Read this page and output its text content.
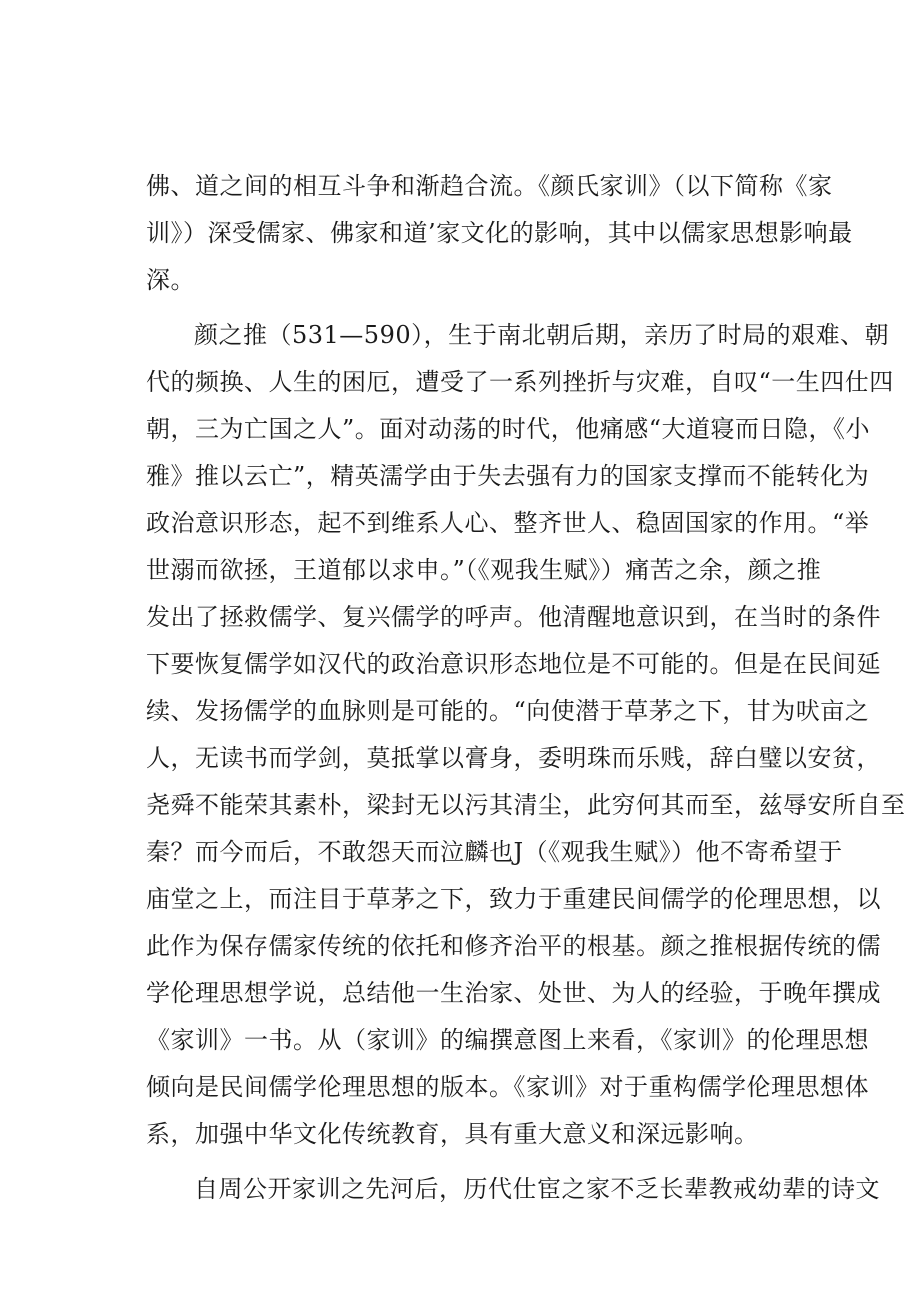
佛、道之间的相互斗争和渐趋合流。《颜氏家训》（以下简称《家
训》）深受儒家、佛家和道’家文化的影响，其中以儒家思想影响最
深。
颜之推（531—590），生于南北朝后期，亲历了时局的艰难、朝
代的频换、人生的困厄，遭受了一系列挫折与灾难，自叹“一生四仕四
朝，三为亡国之人”。面对动荡的时代，他痛感“大道寝而日隐，《小
雅》推以云亡”，精英濡学由于失去强有力的国家支撑而不能转化为
政治意识形态，起不到维系人心、整齐世人、稳固国家的作用。“举
世溺而欲拯，王道郁以求申。”（《观我生赋》）痛苦之余，颜之推
发出了拯救儒学、复兴儒学的呼声。他清醒地意识到，在当时的条件
下要恢复儒学如汉代的政治意识形态地位是不可能的。但是在民间延
续、发扬儒学的血脉则是可能的。“向使潜于草茅之下，甘为吠亩之
人，无读书而学剑，莫抵掌以膏身，委明珠而乐贱，辞白璧以安贫，
尧舜不能荣其素朴，梁封无以污其清尘，此穷何其而至，兹辱安所自至
秦？而今而后，不敢怨天而泣麟也J（《观我生赋》）他不寄希望于
庙堂之上，而注目于草茅之下，致力于重建民间儒学的伦理思想，以
此作为保存儒家传统的依托和修齐治平的根基。颜之推根据传统的儒
学伦理思想学说，总结他一生治家、处世、为人的经验，于晚年撰成
《家训》一书。从（家训》的编撰意图上来看，《家训》的伦理思想
倾向是民间儒学伦理思想的版本。《家训》对于重构儒学伦理思想体
系，加强中华文化传统教育，具有重大意义和深远影响。
自周公开家训之先河后，历代仕宦之家不乏长辈教戒幼辈的诗文
